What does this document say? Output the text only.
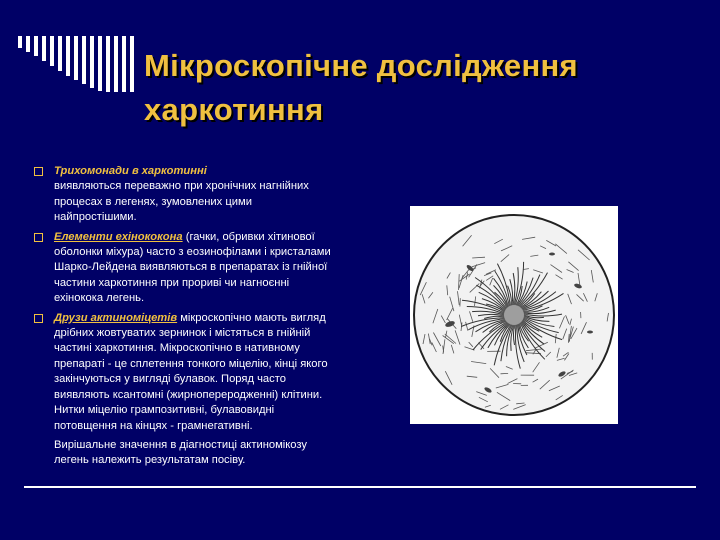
Мікроскопічне дослідження
харкотиння
Трихомонади в харкотинні
виявляються переважно при хронічних нагнійних процесах в легенях, зумовлених цими найпростішими.
Елементи ехінококона (гачки, обривки хітинової оболонки міхура) часто з еозинофілами і кристалами Шарко-Лейдена виявляються в препаратах із гнійної частини харкотиння при прориві чи нагноєнні ехінокока легень.
Друзи актиноміцетів мікроскопічно мають вигляд дрібних жовтуватих зернинок і містяться в гнійній частині харкотиння. Мікроскопічно в нативному препараті - це сплетення тонкого міцелію, кінці якого закінчуються у вигляді булавок. Поряд часто виявляють ксантомні (жирнопереродженні) клітини. Нитки міцелію грампозитивні, булавовидні потовщення на кінцях - грамнегативні.
Вирішальне значення в діагностиці актиномікозу легень належить результатам посіву.
